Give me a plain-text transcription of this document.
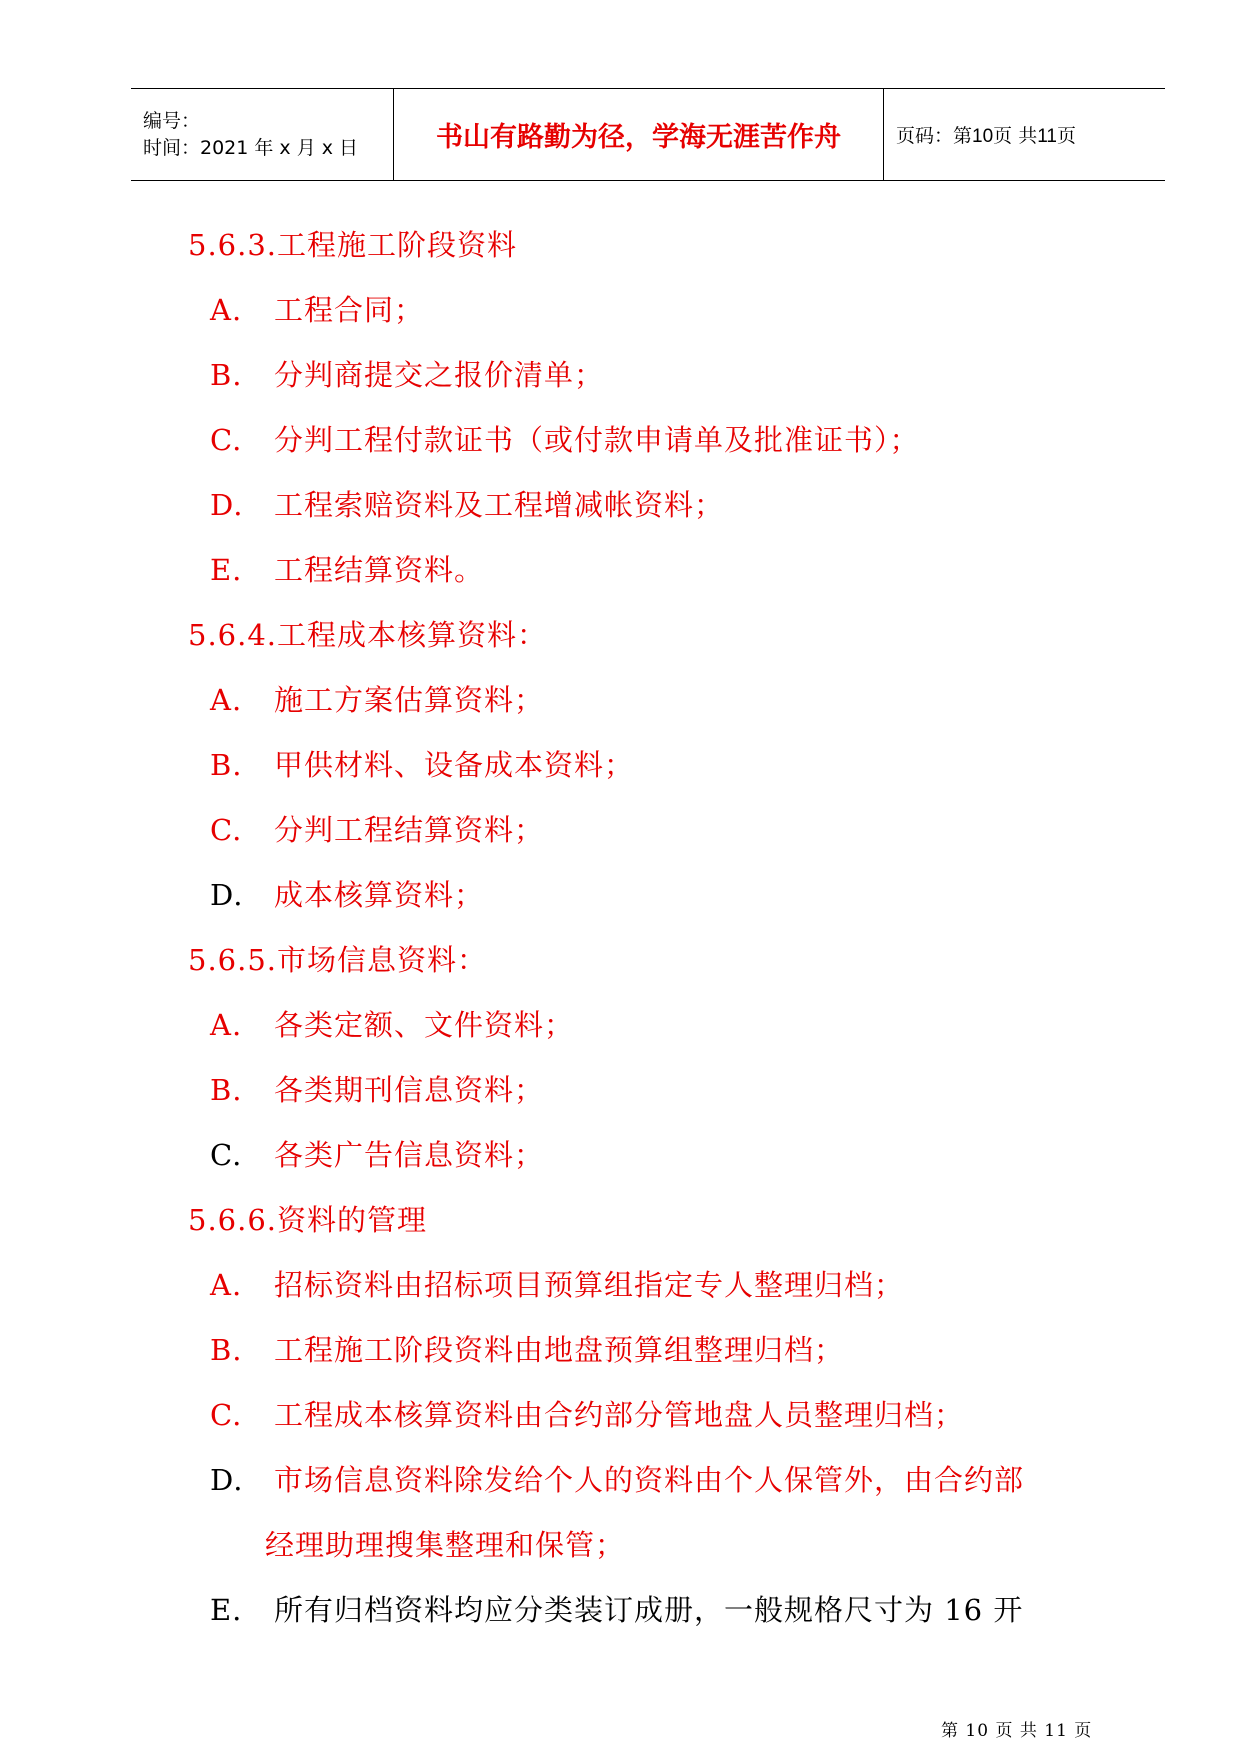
编号：
时间：2021 年 x 月 x 日	书山有路勤为径，学海无涯苦作舟	页码：第10页 共11页
5.6.3.工程施工阶段资料
A. 工程合同；
B. 分判商提交之报价清单；
C. 分判工程付款证书（或付款申请单及批准证书）；
D. 工程索赔资料及工程增减帐资料；
E. 工程结算资料。
5.6.4.工程成本核算资料：
A. 施工方案估算资料；
B. 甲供材料、设备成本资料；
C. 分判工程结算资料；
D. 成本核算资料；
5.6.5.市场信息资料：
A. 各类定额、文件资料；
B. 各类期刊信息资料；
C. 各类广告信息资料；
5.6.6.资料的管理
A. 招标资料由招标项目预算组指定专人整理归档；
B. 工程施工阶段资料由地盘预算组整理归档；
C. 工程成本核算资料由合约部分管地盘人员整理归档；
D. 市场信息资料除发给个人的资料由个人保管外，由合约部
经理助理搜集整理和保管；
E. 所有归档资料均应分类装订成册，一般规格尺寸为 16 开
第 10 页 共 11 页
